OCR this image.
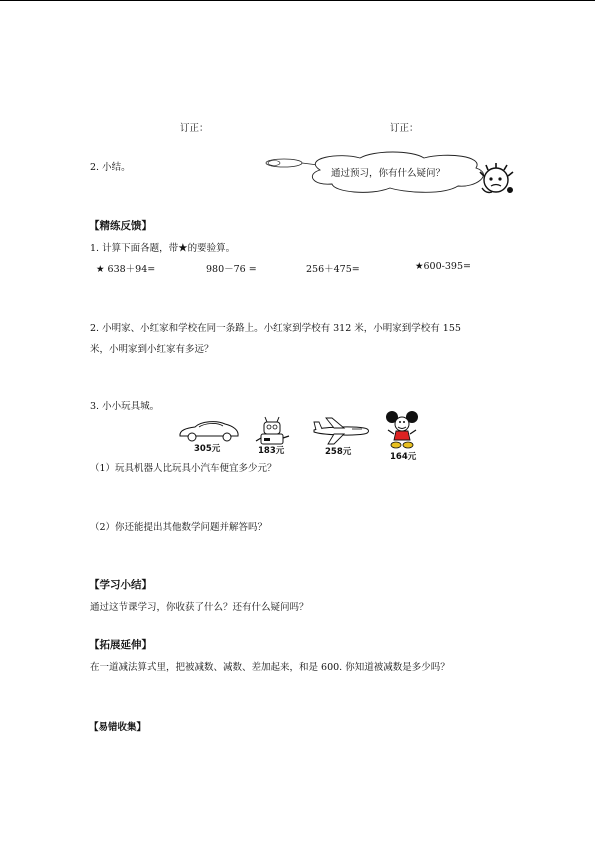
订正：	订正：
2. 小结。
通过预习，你有什么疑问？
【精练反馈】
1. 计算下面各题，带★的要验算。
★ 638＋94=	980－76 =	256＋475=	★600-395=
2. 小明家、小红家和学校在同一条路上。小红家到学校有 312 米，小明家到学校有 155
米，小明家到小红家有多远？
3. 小小玩具城。
305元	183元	258元	164元
（1）玩具机器人比玩具小汽车便宜多少元？
（2）你还能提出其他数学问题并解答吗？
【学习小结】
通过这节课学习，你收获了什么？还有什么疑问吗？
【拓展延伸】
在一道减法算式里，把被减数、减数、差加起来，和是 600. 你知道被减数是多少吗？
【易错收集】
